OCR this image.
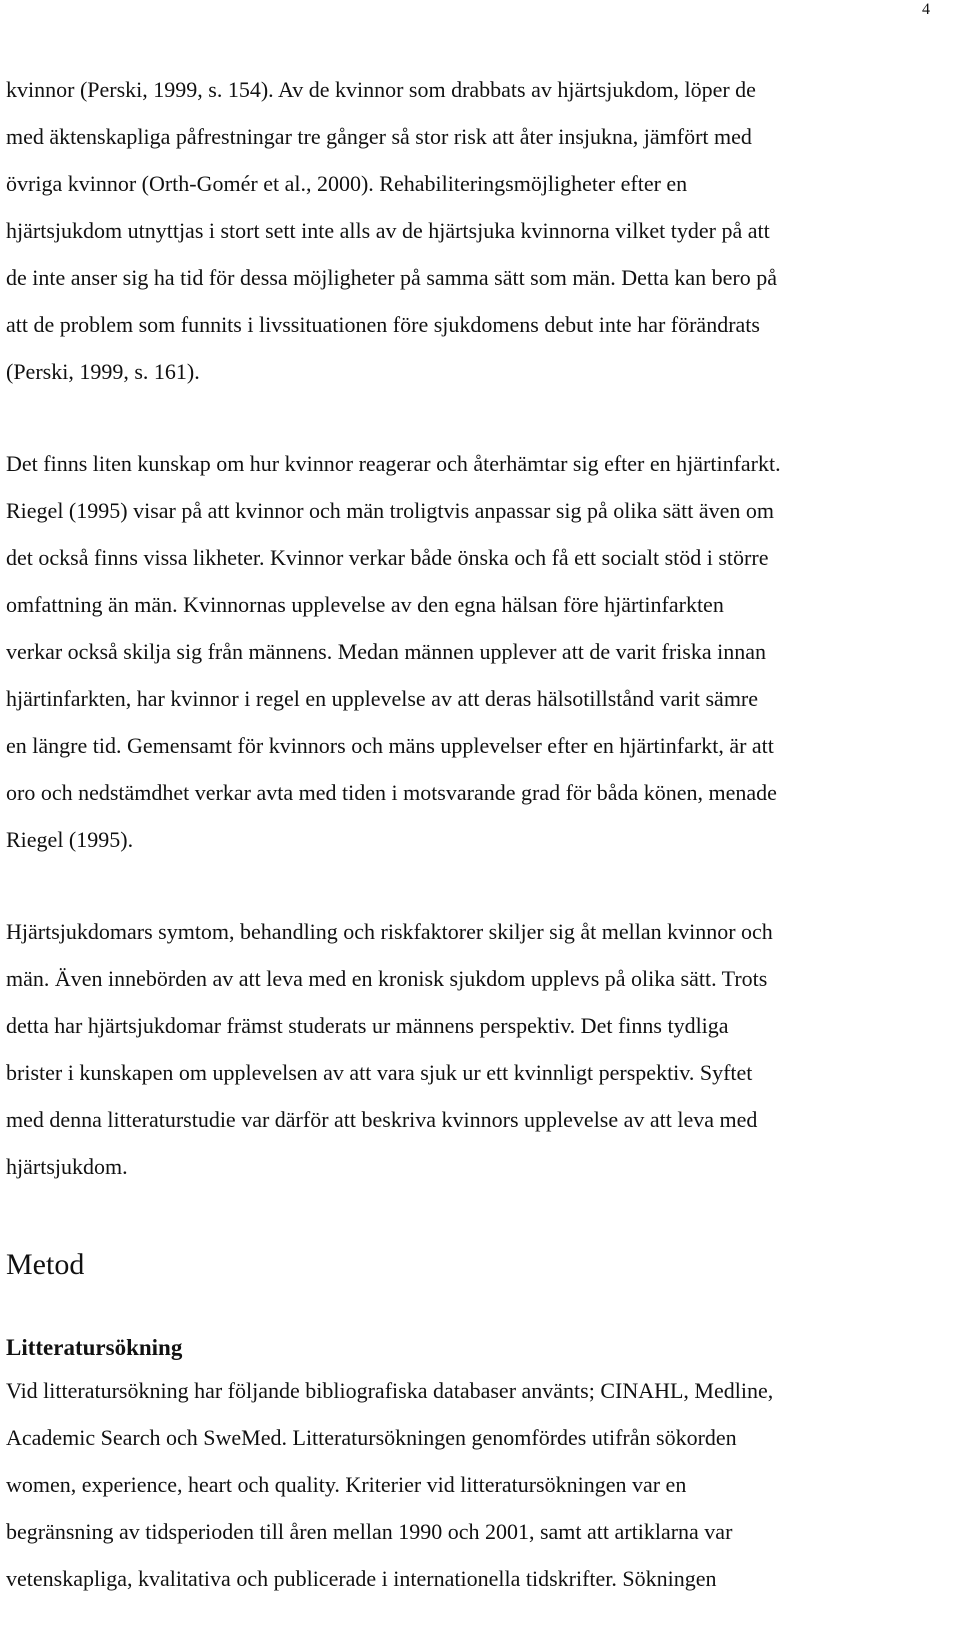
4

kvinnor (Perski, 1999, s. 154). Av de kvinnor som drabbats av hjärtsjukdom, löper de
med äktenskapliga påfrestningar tre gånger så stor risk att åter insjukna, jämfört med
övriga kvinnor (Orth-Gomér et al., 2000). Rehabiliteringsmöjligheter efter en
hjärtsjukdom utnyttjas i stort sett inte alls av de hjärtsjuka kvinnorna vilket tyder på att
de inte anser sig ha tid för dessa möjligheter på samma sätt som män. Detta kan bero på
att de problem som funnits i livssituationen före sjukdomens debut inte har förändrats
(Perski, 1999, s. 161).

Det finns liten kunskap om hur kvinnor reagerar och återhämtar sig efter en hjärtinfarkt.
Riegel (1995) visar på att kvinnor och män troligtvis anpassar sig på olika sätt även om
det också finns vissa likheter. Kvinnor verkar både önska och få ett socialt stöd i större
omfattning än män. Kvinnornas upplevelse av den egna hälsan före hjärtinfarkten
verkar också skilja sig från männens. Medan männen upplever att de varit friska innan
hjärtinfarkten, har kvinnor i regel en upplevelse av att deras hälsotillstånd varit sämre
en längre tid. Gemensamt för kvinnors och mäns upplevelser efter en hjärtinfarkt, är att
oro och nedstämdhet verkar avta med tiden i motsvarande grad för båda könen, menade
Riegel (1995).

Hjärtsjukdomars symtom, behandling och riskfaktorer skiljer sig åt mellan kvinnor och
män. Även innebörden av att leva med en kronisk sjukdom upplevs på olika sätt. Trots
detta har hjärtsjukdomar främst studerats ur männens perspektiv. Det finns tydliga
brister i kunskapen om upplevelsen av att vara sjuk ur ett kvinnligt perspektiv. Syftet
med denna litteraturstudie var därför att beskriva kvinnors upplevelse av att leva med
hjärtsjukdom.

Metod
Litteratursökning

Vid litteratursökning har följande bibliografiska databaser använts; CINAHL, Medline,
Academic Search och SweMed. Litteratursökningen genomfördes utifrån sökorden
women, experience, heart och quality. Kriterier vid litteratursökningen var en
begränsning av tidsperioden till åren mellan 1990 och 2001, samt att artiklarna var
vetenskapliga, kvalitativa och publicerade i internationella tidskrifter. Sökningen
